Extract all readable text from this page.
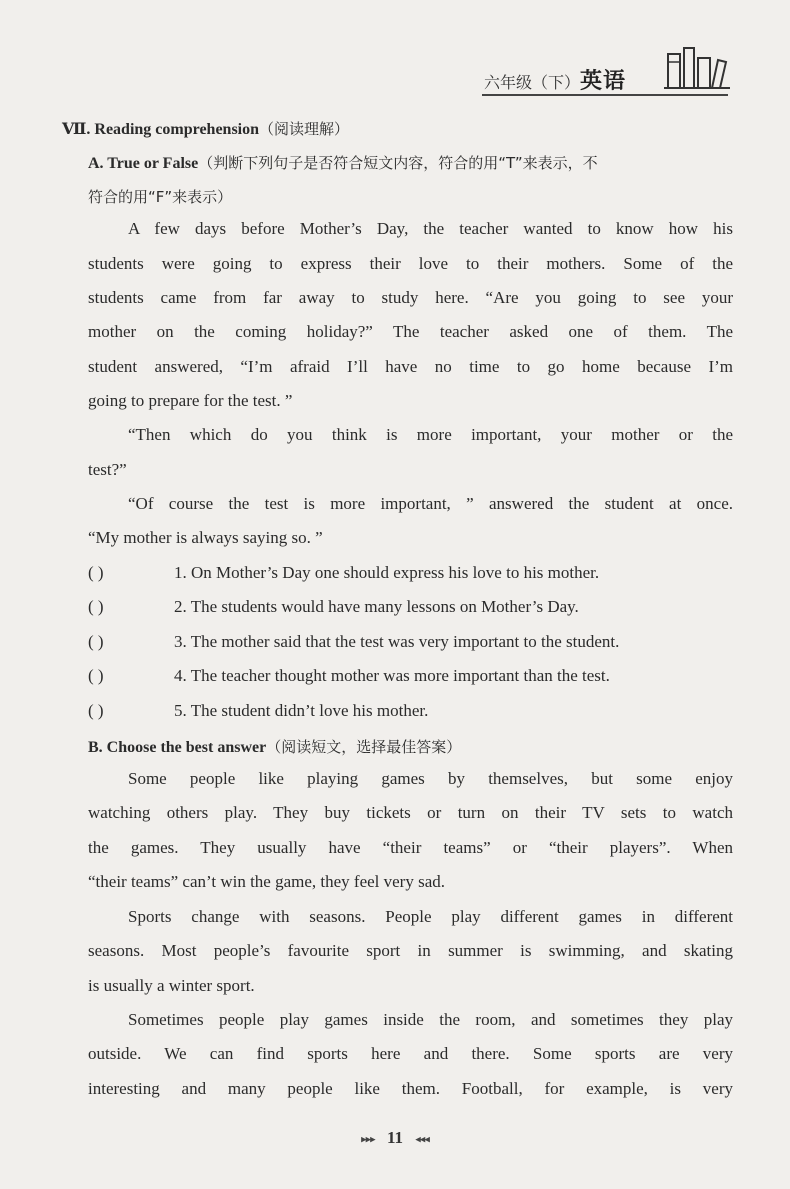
六年级（下）英语
Ⅶ. Reading comprehension（阅读理解）
A. True or False（判断下列句子是否符合短文内容，符合的用“T”来表示，不
符合的用“F”来表示）
A few days before Mother’s Day, the teacher wanted to know how his
students were going to express their love to their mothers. Some of the
students came from far away to study here. “Are you going to see your
mother on the coming holiday?” The teacher asked one of them. The
student answered, “I’m afraid I’ll have no time to go home because I’m
going to prepare for the test. ”
“Then which do you think is more important, your mother or the
test?”
“Of course the test is more important, ” answered the student at once.
“My mother is always saying so. ”
( )	1. On Mother’s Day one should express his love to his mother.
( )	2. The students would have many lessons on Mother’s Day.
( )	3. The mother said that the test was very important to the student.
( )	4. The teacher thought mother was more important than the test.
( )	5. The student didn’t love his mother.
B. Choose the best answer（阅读短文，选择最佳答案）
Some people like playing games by themselves, but some enjoy
watching others play. They buy tickets or turn on their TV sets to watch
the games. They usually have “their teams” or “their players”. When
“their teams” can’t win the game, they feel very sad.
Sports change with seasons. People play different games in different
seasons. Most people’s favourite sport in summer is swimming, and skating
is usually a winter sport.
Sometimes people play games inside the room, and sometimes they play
outside. We can find sports here and there. Some sports are very
interesting and many people like them. Football, for example, is very
▸▸▸ 11 ◂◂◂
